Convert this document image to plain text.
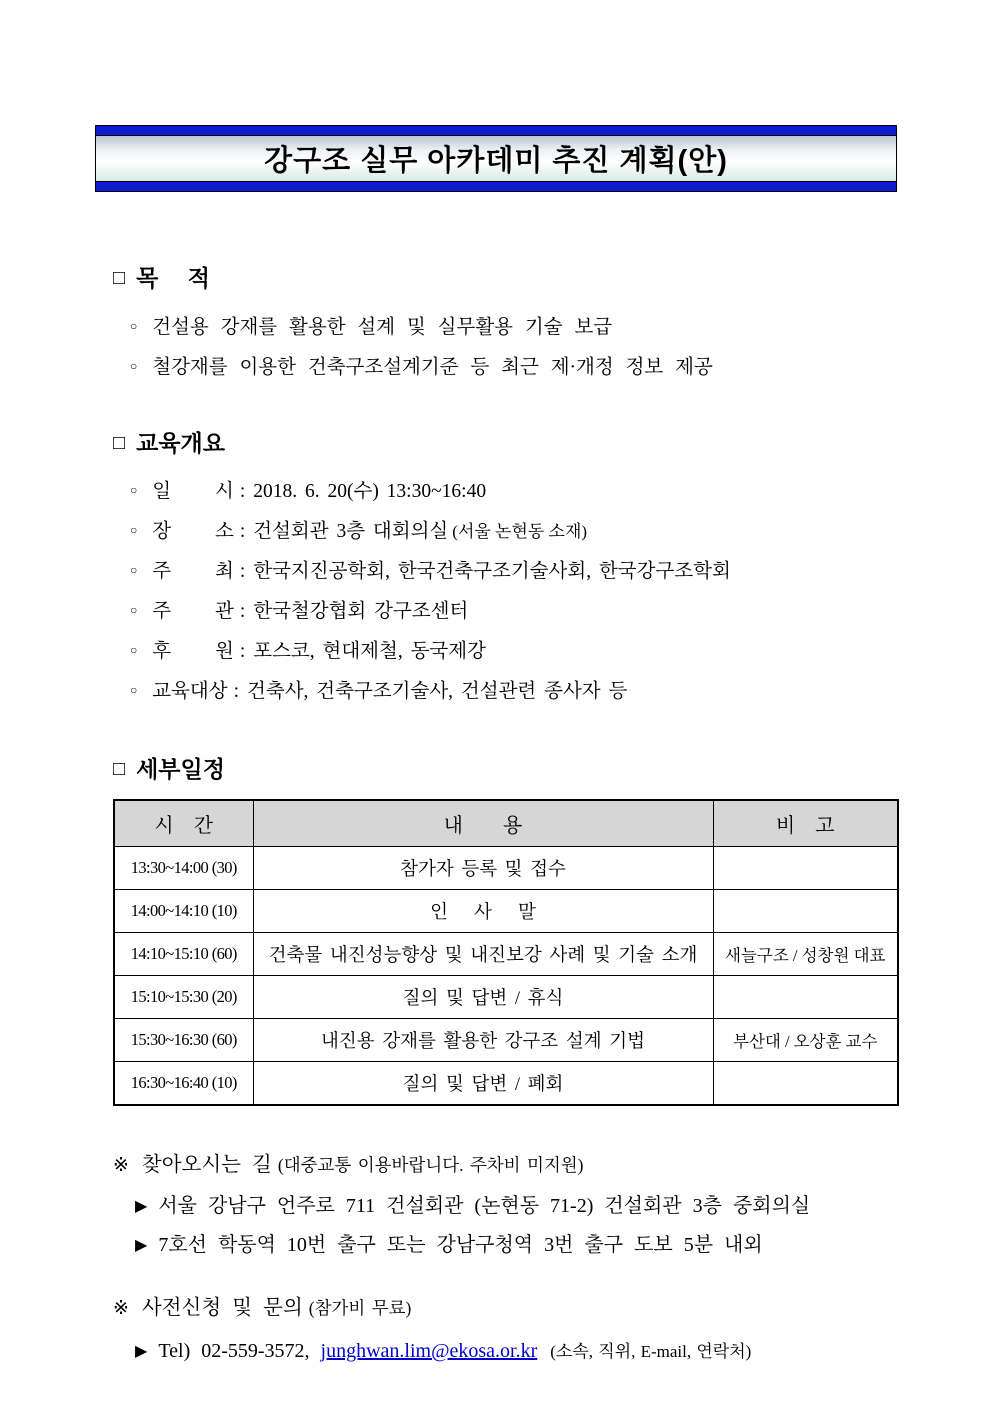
강구조 실무 아카데미 추진 계획(안)
□ 목　 적
○ 건설용 강재를 활용한 설계 및 실무활용 기술 보급
○ 철강재를 이용한 건축구조설계기준 등 최근 제·개정 정보 제공
□ 교육개요
○ 일　　 시 : 2018. 6. 20(수) 13:30~16:40
○ 장　　 소 : 건설회관 3층 대회의실 (서울 논현동 소재)
○ 주　　 최 : 한국지진공학회, 한국건축구조기술사회, 한국강구조학회
○ 주　　 관 : 한국철강협회 강구조센터
○ 후　　 원 : 포스코, 현대제철, 동국제강
○ 교육대상 : 건축사, 건축구조기술사, 건설관련 종사자 등
□ 세부일정
시　간	내　　용	비　고
13:30~14:00 (30)	참가자 등록 및 접수	
14:00~14:10 (10)	인　 사　 말	
14:10~15:10 (60)	건축물 내진성능향상 및 내진보강 사례 및 기술 소개	새늘구조 / 성창원 대표
15:10~15:30 (20)	질의 및 답변 / 휴식	
15:30~16:30 (60)	내진용 강재를 활용한 강구조 설계 기법	부산대 / 오상훈 교수
16:30~16:40 (10)	질의 및 답변 / 폐회	
※ 찾아오시는 길 (대중교통 이용바랍니다. 주차비 미지원)
▶ 서울 강남구 언주로 711 건설회관 (논현동 71-2) 건설회관 3층 중회의실
▶ 7호선 학동역 10번 출구 또는 강남구청역 3번 출구 도보 5분 내외
※ 사전신청 및 문의 (참가비 무료)
▶ Tel) 02-559-3572, junghwan.lim@ekosa.or.kr (소속, 직위, E-mail, 연락처)
